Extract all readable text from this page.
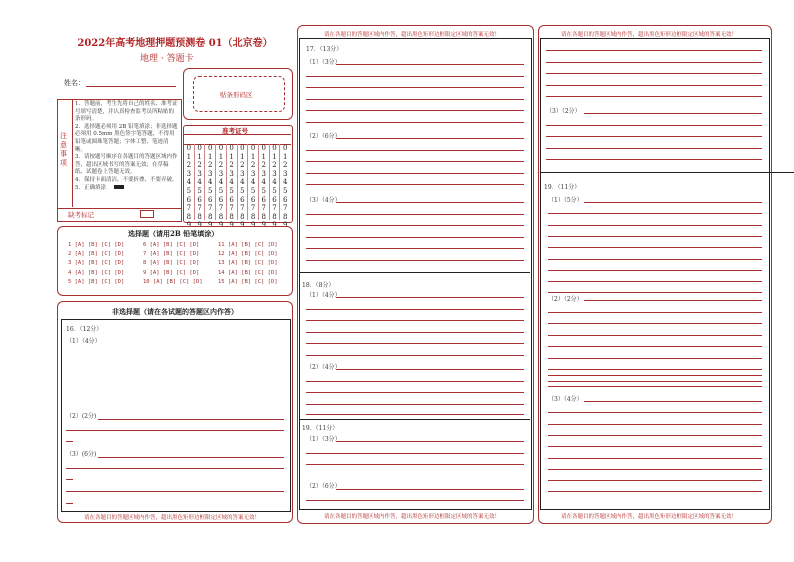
2022年高考地理押题预测卷 01（北京卷）
地理 · 答题卡
姓名：
贴条形码区
注意事项
1．答题前，考生先将自己的姓名、准考证号填写清楚，并认真检查监考员所粘贴的条形码。
2．选择题必须用 2B 铅笔填涂；非选择题必须用 0.5mm 黑色签字笔答题，不得用铅笔或圆珠笔答题；字体工整、笔迹清晰。
3．请按题号顺序在各题目的答题区域内作答，超出区域书写的答案无效；在草稿纸、试题卷上答题无效。
4．保持卡面清洁，不要折叠、不要弄破。
5．正确填涂
缺考标记
准考证号
0
1
2
3
4
5
6
7
8
9
0
1
2
3
4
5
6
7
8
9
0
1
2
3
4
5
6
7
8
9
0
1
2
3
4
5
6
7
8
9
0
1
2
3
4
5
6
7
8
9
0
1
2
3
4
5
6
7
8
9
0
1
2
3
4
5
6
7
8
9
0
1
2
3
4
5
6
7
8
9
0
1
2
3
4
5
6
7
8
9
0
1
2
3
4
5
6
7
8
9
选择题（请用2B 铅笔填涂）
1 [A] [B] [C] [D]
2 [A] [B] [C] [D]
3 [A] [B] [C] [D]
4 [A] [B] [C] [D]
5 [A] [B] [C] [D]
6 [A] [B] [C] [D]
7 [A] [B] [C] [D]
8 [A] [B] [C] [D]
9 [A] [B] [C] [D]
10 [A] [B] [C] [D]
11 [A] [B] [C] [D]
12 [A] [B] [C] [D]
13 [A] [B] [C] [D]
14 [A] [B] [C] [D]
15 [A] [B] [C] [D]
非选择题（请在各试题的答题区内作答）
16．（12分）
（1）（4分）
（2）(2分)
（3）(6分)
请在各题目的答题区域内作答，超出黑色矩形边框限定区域的答案无效！
请在各题目的答题区域内作答，超出黑色矩形边框限定区域的答案无效！
17．（13分）
（1）（3分）
（2）（6分）
（3）（4分）
18．（8分）
（1）（4分）
（2）（4分）
19．（11分）
（1）（3分）
（2）（6分）
请在各题目的答题区域内作答，超出黑色矩形边框限定区域的答案无效！
请在各题目的答题区域内作答，超出黑色矩形边框限定区域的答案无效！
（3）（2分）
19．（11分）
（1）（5分）
（2）（2分）
（3）（4分）
请在各题目的答题区域内作答，超出黑色矩形边框限定区域的答案无效！
